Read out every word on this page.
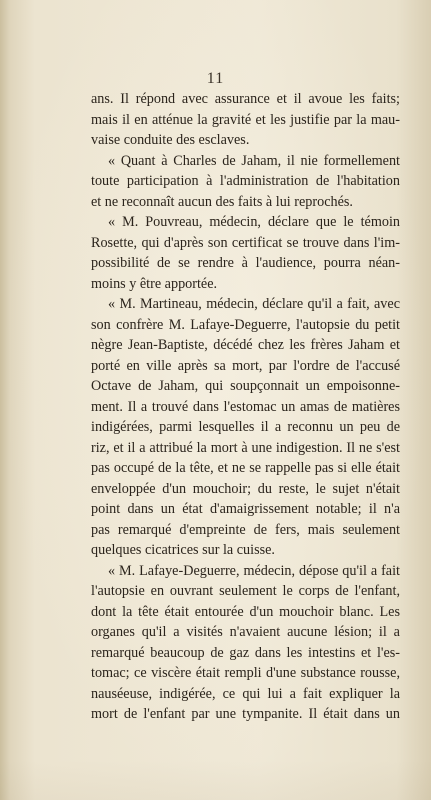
11
ans. Il répond avec assurance et il avoue les faits;
mais il en atténue la gravité et les justifie par la mau-
vaise conduite des esclaves.
« Quant à Charles de Jaham, il nie formellement
toute participation à l'administration de l'habitation
et ne reconnaît aucun des faits à lui reprochés.
« M. Pouvreau, médecin, déclare que le témoin
Rosette, qui d'après son certificat se trouve dans l'im-
possibilité de se rendre à l'audience, pourra néan-
moins y être apportée.
« M. Martineau, médecin, déclare qu'il a fait, avec
son confrère M. Lafaye-Deguerre, l'autopsie du petit
nègre Jean-Baptiste, décédé chez les frères Jaham et
porté en ville après sa mort, par l'ordre de l'accusé
Octave de Jaham, qui soupçonnait un empoisonne-
ment. Il a trouvé dans l'estomac un amas de matières
indigérées, parmi lesquelles il a reconnu un peu de
riz, et il a attribué la mort à une indigestion. Il ne s'est
pas occupé de la tête, et ne se rappelle pas si elle était
enveloppée d'un mouchoir; du reste, le sujet n'était
point dans un état d'amaigrissement notable; il n'a
pas remarqué d'empreinte de fers, mais seulement
quelques cicatrices sur la cuisse.
« M. Lafaye-Deguerre, médecin, dépose qu'il a fait
l'autopsie en ouvrant seulement le corps de l'enfant,
dont la tête était entourée d'un mouchoir blanc. Les
organes qu'il a visités n'avaient aucune lésion; il a
remarqué beaucoup de gaz dans les intestins et l'es-
tomac; ce viscère était rempli d'une substance rousse,
nauséeuse, indigérée, ce qui lui a fait expliquer la
mort de l'enfant par une tympanite. Il était dans un
